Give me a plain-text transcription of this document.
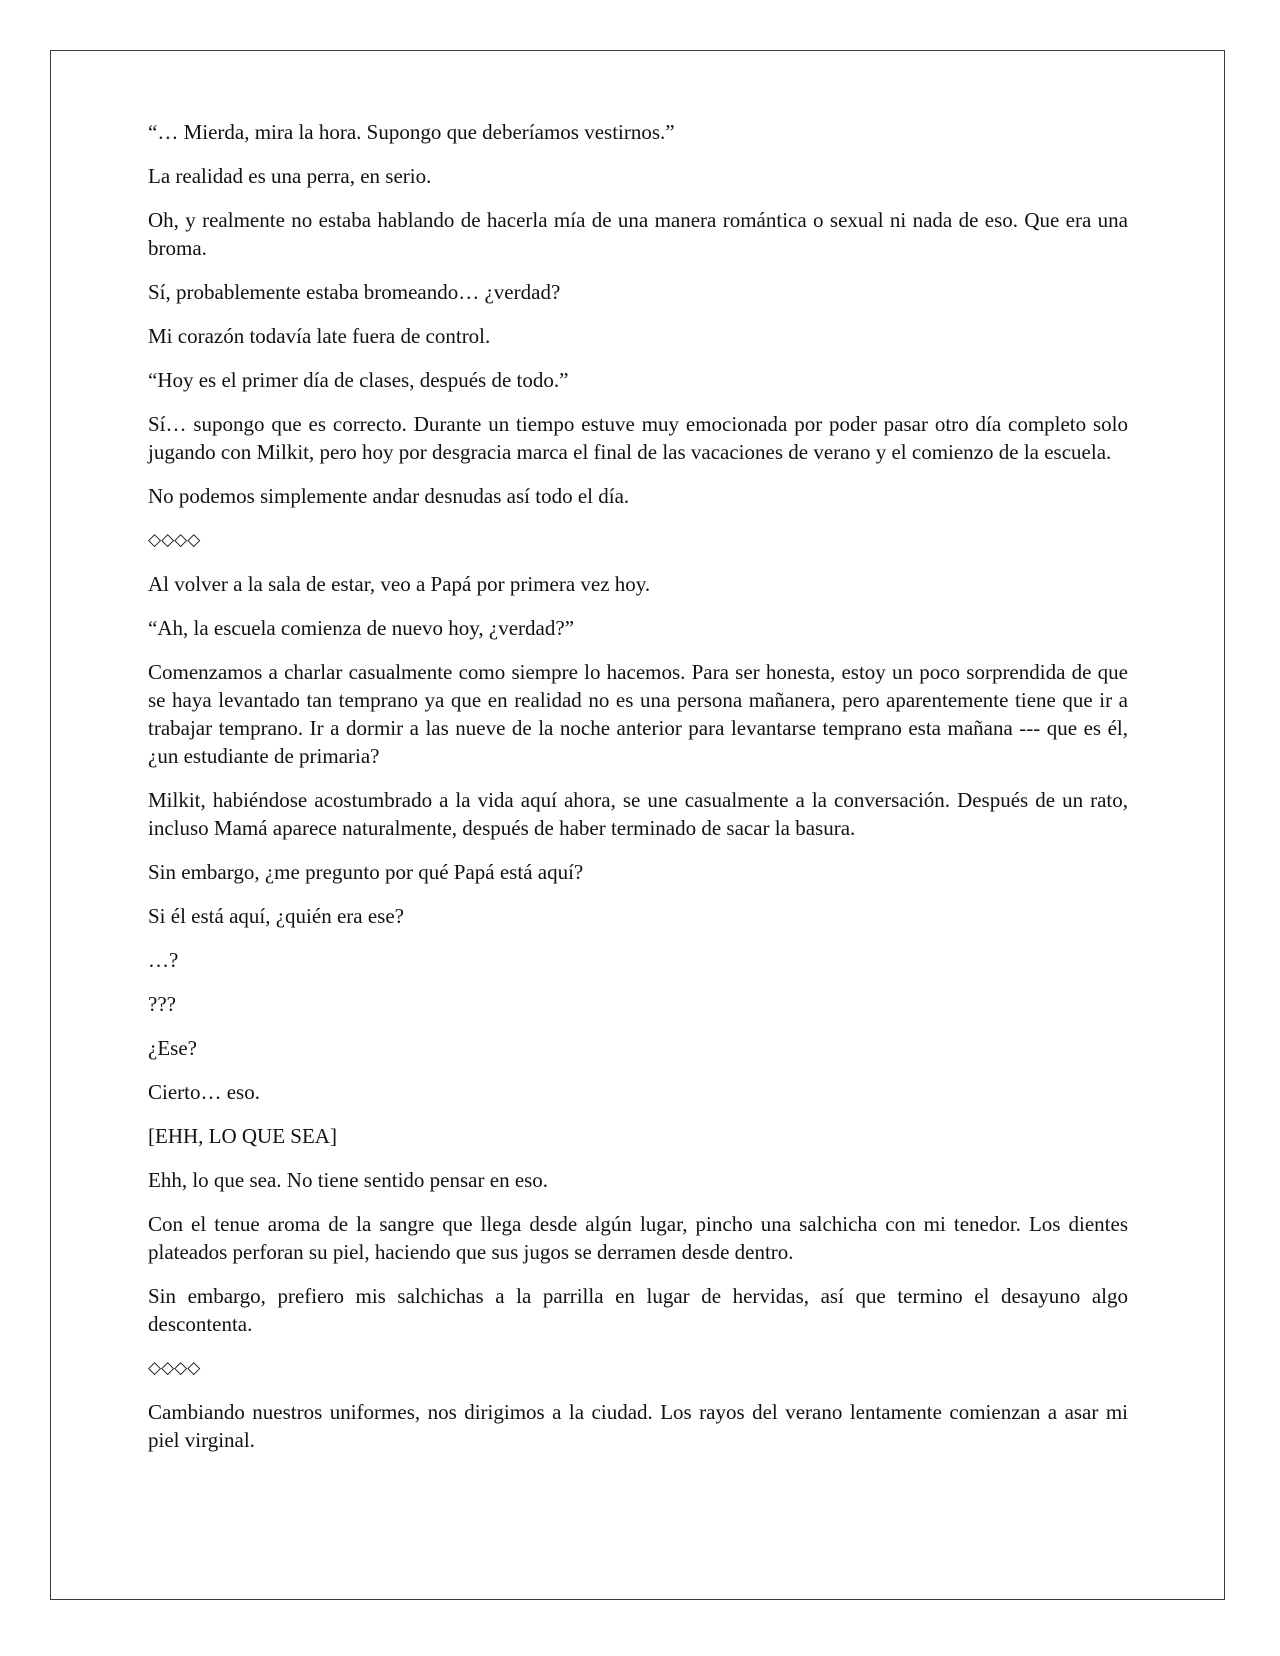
“… Mierda, mira la hora. Supongo que deberíamos vestirnos.”

La realidad es una perra, en serio.

Oh, y realmente no estaba hablando de hacerla mía de una manera romántica o sexual ni nada de eso. Que era una broma.

Sí, probablemente estaba bromeando… ¿verdad?

Mi corazón todavía late fuera de control.

“Hoy es el primer día de clases, después de todo.”

Sí… supongo que es correcto. Durante un tiempo estuve muy emocionada por poder pasar otro día completo solo jugando con Milkit, pero hoy por desgracia marca el final de las vacaciones de verano y el comienzo de la escuela.

No podemos simplemente andar desnudas así todo el día.

◇◇◇◇

Al volver a la sala de estar, veo a Papá por primera vez hoy.

“Ah, la escuela comienza de nuevo hoy, ¿verdad?”

Comenzamos a charlar casualmente como siempre lo hacemos. Para ser honesta, estoy un poco sorprendida de que se haya levantado tan temprano ya que en realidad no es una persona mañanera, pero aparentemente tiene que ir a trabajar temprano. Ir a dormir a las nueve de la noche anterior para levantarse temprano esta mañana --- que es él, ¿un estudiante de primaria?

Milkit, habiéndose acostumbrado a la vida aquí ahora, se une casualmente a la conversación. Después de un rato, incluso Mamá aparece naturalmente, después de haber terminado de sacar la basura.

Sin embargo, ¿me pregunto por qué Papá está aquí?

Si él está aquí, ¿quién era ese?

…?

???

¿Ese?

Cierto… eso.

[EHH, LO QUE SEA]

Ehh, lo que sea. No tiene sentido pensar en eso.

Con el tenue aroma de la sangre que llega desde algún lugar, pincho una salchicha con mi tenedor. Los dientes plateados perforan su piel, haciendo que sus jugos se derramen desde dentro.

Sin embargo, prefiero mis salchichas a la parrilla en lugar de hervidas, así que termino el desayuno algo descontenta.

◇◇◇◇

Cambiando nuestros uniformes, nos dirigimos a la ciudad. Los rayos del verano lentamente comienzan a asar mi piel virginal.
